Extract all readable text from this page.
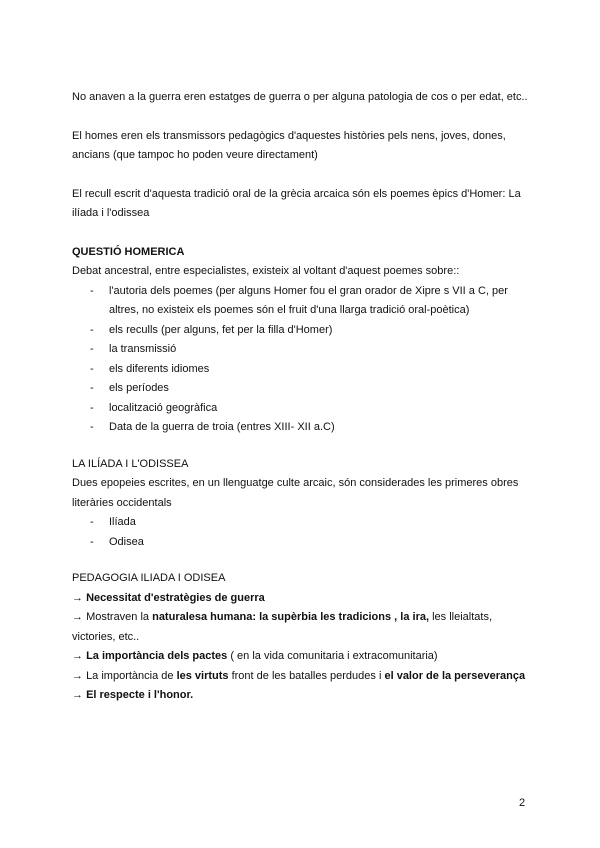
No anaven a la guerra eren estatges de guerra o per alguna patologia de cos o per edat, etc..

El homes eren els transmissors pedagògics d'aquestes històries pels nens, joves, dones, ancians (que tampoc ho poden veure directament)

El recull escrit d'aquesta tradició oral de la grècia arcaica són els poemes èpics d'Homer: La ilíada i l'odissea

QUESTIÓ HOMERICA

Debat ancestral, entre especialistes, existeix al voltant d'aquest poemes sobre::

- l'autoria dels poemes (per alguns Homer fou el gran orador de Xipre s VII a C, per altres, no existeix els poemes són el fruit d'una llarga tradició oral-poètica)
- els reculls (per alguns, fet per la filla d'Homer)
- la transmissió
- els diferents idiomes
- els períodes
- localització geogràfica
- Data de la guerra de troia (entres XIII- XII a.C)

LA ILÍADA I L'ODISSEA

Dues epopeies escrites, en un llenguatge culte arcaic, són considerades les primeres obres literàries occidentals

- Ilíada
- Odisea

PEDAGOGIA ILIADA I ODISEA

→ Necessitat d'estratègies de guerra

→ Mostraven la naturalesa humana: la supèrbia les tradicions , la ira, les lleialtats, victories, etc..

→ La importància dels pactes ( en la vida comunitaria i extracomunitaria)

→ La importància de les virtuts front de les batalles perdudes i el valor de la perseverança

→ El respecte i l'honor.

2
